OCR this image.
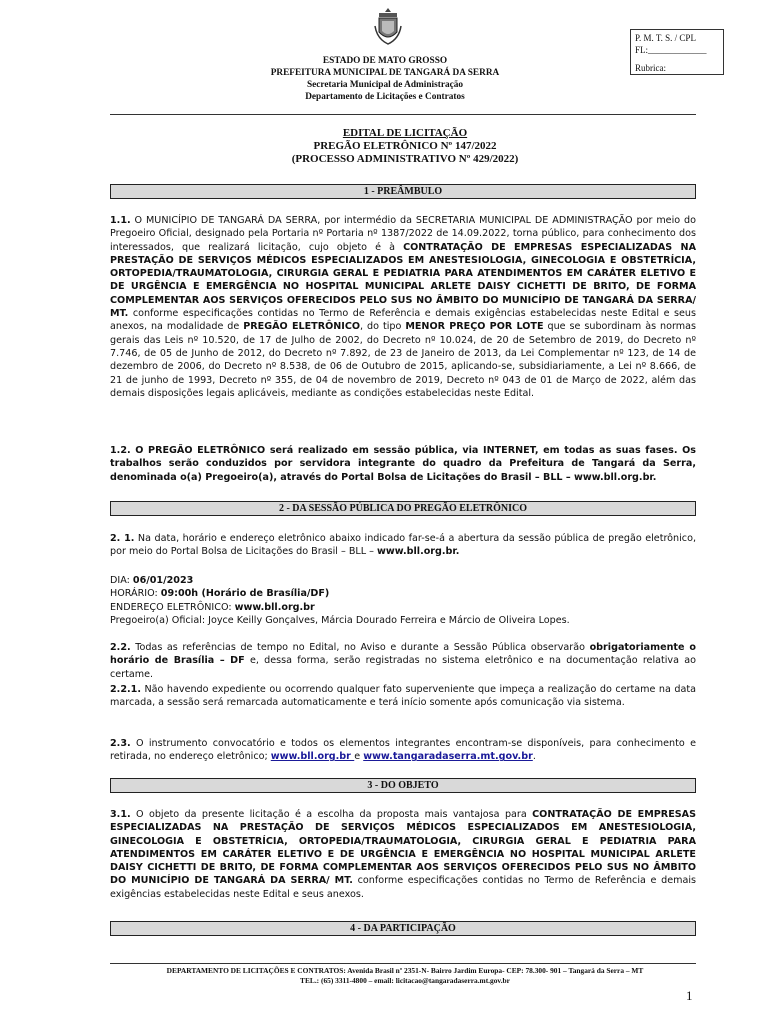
P. M. T. S. / CPL
FL:_____________
Rubrica:
ESTADO DE MATO GROSSO
PREFEITURA MUNICIPAL DE TANGARÁ DA SERRA
Secretaria Municipal de Administração
Departamento de Licitações e Contratos
EDITAL DE LICITAÇÃO
PREGÃO ELETRÔNICO Nº 147/2022
(PROCESSO ADMINISTRATIVO Nº 429/2022)
1 - PREÂMBULO

1.1. O MUNICÍPIO DE TANGARÁ DA SERRA, por intermédio da SECRETARIA MUNICIPAL DE ADMINISTRAÇÃO por meio do Pregoeiro Oficial, designado pela Portaria nº Portaria nº 1387/2022 de 14.09.2022, torna público, para conhecimento dos interessados, que realizará licitação, cujo objeto é à CONTRATAÇÃO DE EMPRESAS ESPECIALIZADAS NA PRESTAÇÃO DE SERVIÇOS MÉDICOS ESPECIALIZADOS EM ANESTESIOLOGIA, GINECOLOGIA E OBSTETRÍCIA, ORTOPEDIA/TRAUMATOLOGIA, CIRURGIA GERAL E PEDIATRIA PARA ATENDIMENTOS EM CARÁTER ELETIVO E DE URGÊNCIA E EMERGÊNCIA NO HOSPITAL MUNICIPAL ARLETE DAISY CICHETTI DE BRITO, DE FORMA COMPLEMENTAR AOS SERVIÇOS OFERECIDOS PELO SUS NO ÂMBITO DO MUNICÍPIO DE TANGARÁ DA SERRA/ MT. conforme especificações contidas no Termo de Referência e demais exigências estabelecidas neste Edital e seus anexos, na modalidade de PREGÃO ELETRÔNICO, do tipo MENOR PREÇO POR LOTE que se subordinam às normas gerais das Leis nº 10.520, de 17 de Julho de 2002, do Decreto nº 10.024, de 20 de Setembro de 2019, do Decreto nº 7.746, de 05 de Junho de 2012, do Decreto nº 7.892, de 23 de Janeiro de 2013, da Lei Complementar nº 123, de 14 de dezembro de 2006, do Decreto nº 8.538, de 06 de Outubro de 2015, aplicando-se, subsidiariamente, a Lei nº 8.666, de 21 de junho de 1993, Decreto nº 355, de 04 de novembro de 2019, Decreto nº 043 de 01 de Março de 2022, além das demais disposições legais aplicáveis, mediante as condições estabelecidas neste Edital.

1.2. O PREGÃO ELETRÔNICO será realizado em sessão pública, via INTERNET, em todas as suas fases. Os trabalhos serão conduzidos por servidora integrante do quadro da Prefeitura de Tangará da Serra, denominada o(a) Pregoeiro(a), através do Portal Bolsa de Licitações do Brasil – BLL – www.bll.org.br.

2 - DA SESSÃO PÚBLICA DO PREGÃO ELETRÔNICO

2. 1. Na data, horário e endereço eletrônico abaixo indicado far-se-á a abertura da sessão pública de pregão eletrônico, por meio do Portal Bolsa de Licitações do Brasil – BLL – www.bll.org.br.

DIA: 06/01/2023
HORÁRIO: 09:00h (Horário de Brasília/DF)
ENDEREÇO ELETRÔNICO: www.bll.org.br
Pregoeiro(a) Oficial: Joyce Keilly Gonçalves, Márcia Dourado Ferreira e Márcio de Oliveira Lopes.

2.2. Todas as referências de tempo no Edital, no Aviso e durante a Sessão Pública observarão obrigatoriamente o horário de Brasília – DF e, dessa forma, serão registradas no sistema eletrônico e na documentação relativa ao certame.

2.2.1. Não havendo expediente ou ocorrendo qualquer fato superveniente que impeça a realização do certame na data marcada, a sessão será remarcada automaticamente e terá início somente após comunicação via sistema.

2.3. O instrumento convocatório e todos os elementos integrantes encontram-se disponíveis, para conhecimento e retirada, no endereço eletrônico; www.bll.org.br e www.tangaradaserra.mt.gov.br.

3 - DO OBJETO

3.1. O objeto da presente licitação é a escolha da proposta mais vantajosa para CONTRATAÇÃO DE EMPRESAS ESPECIALIZADAS NA PRESTAÇÃO DE SERVIÇOS MÉDICOS ESPECIALIZADOS EM ANESTESIOLOGIA, GINECOLOGIA E OBSTETRÍCIA, ORTOPEDIA/TRAUMATOLOGIA, CIRURGIA GERAL E PEDIATRIA PARA ATENDIMENTOS EM CARÁTER ELETIVO E DE URGÊNCIA E EMERGÊNCIA NO HOSPITAL MUNICIPAL ARLETE DAISY CICHETTI DE BRITO, DE FORMA COMPLEMENTAR AOS SERVIÇOS OFERECIDOS PELO SUS NO ÂMBITO DO MUNICÍPIO DE TANGARÁ DA SERRA/ MT. conforme especificações contidas no Termo de Referência e demais exigências estabelecidas neste Edital e seus anexos.

4 - DA PARTICIPAÇÃO
DEPARTAMENTO DE LICITAÇÕES E CONTRATOS: Avenida Brasil nº 2351-N- Bairro Jardim Europa- CEP: 78.300- 901 – Tangará da Serra – MT
TEL.: (65) 3311-4800 – email: licitacao@tangaradaserra.mt.gov.br
1
